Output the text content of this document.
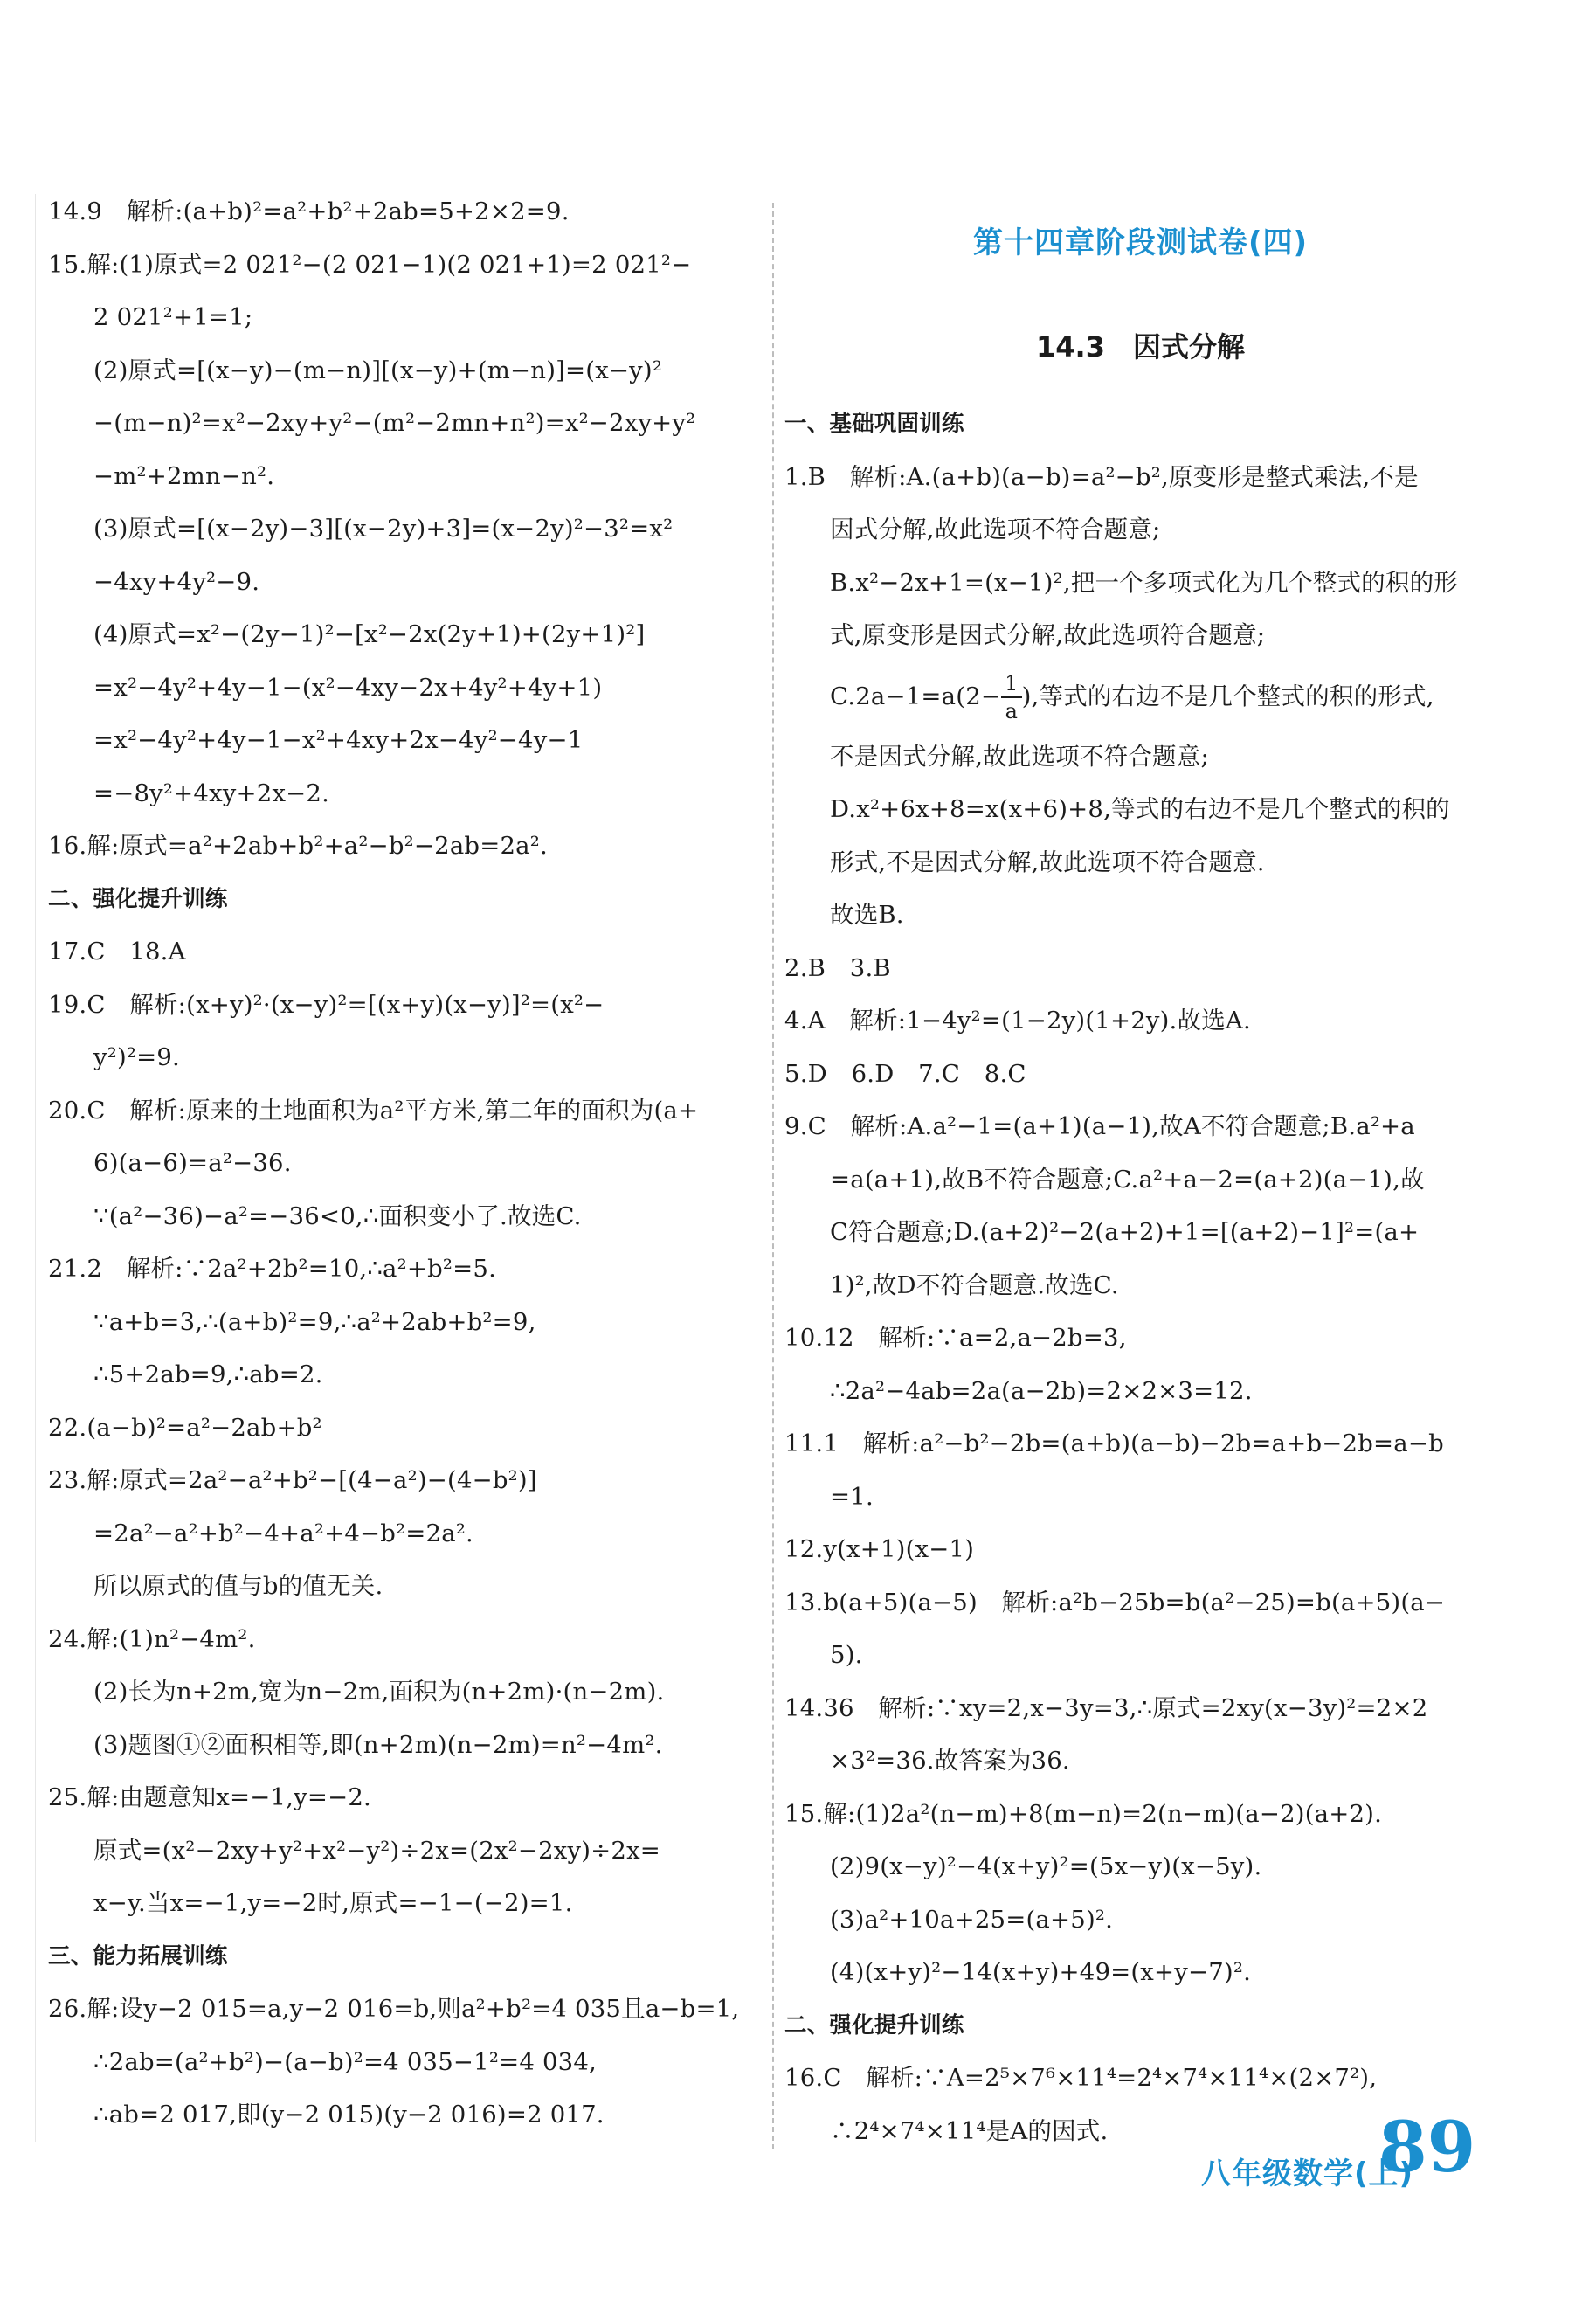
第十四章阶段测试卷(四)
14.3　因式分解
14.9　解析:(a+b)²=a²+b²+2ab=5+2×2=9.
15.解:(1)原式=2 021²−(2 021−1)(2 021+1)=2 021²−
2 021²+1=1;
(2)原式=[(x−y)−(m−n)][(x−y)+(m−n)]=(x−y)²
−(m−n)²=x²−2xy+y²−(m²−2mn+n²)=x²−2xy+y²
−m²+2mn−n².
(3)原式=[(x−2y)−3][(x−2y)+3]=(x−2y)²−3²=x²
−4xy+4y²−9.
(4)原式=x²−(2y−1)²−[x²−2x(2y+1)+(2y+1)²]
=x²−4y²+4y−1−(x²−4xy−2x+4y²+4y+1)
=x²−4y²+4y−1−x²+4xy+2x−4y²−4y−1
=−8y²+4xy+2x−2.
16.解:原式=a²+2ab+b²+a²−b²−2ab=2a².
二、强化提升训练
17.C　18.A
19.C　解析:(x+y)²·(x−y)²=[(x+y)(x−y)]²=(x²−
y²)²=9.
20.C　解析:原来的土地面积为a²平方米,第二年的面积为(a+
6)(a−6)=a²−36.
∵(a²−36)−a²=−36<0,∴面积变小了.故选C.
21.2　解析:∵2a²+2b²=10,∴a²+b²=5.
∵a+b=3,∴(a+b)²=9,∴a²+2ab+b²=9,
∴5+2ab=9,∴ab=2.
22.(a−b)²=a²−2ab+b²
23.解:原式=2a²−a²+b²−[(4−a²)−(4−b²)]
=2a²−a²+b²−4+a²+4−b²=2a².
所以原式的值与b的值无关.
24.解:(1)n²−4m².
(2)长为n+2m,宽为n−2m,面积为(n+2m)·(n−2m).
(3)题图①②面积相等,即(n+2m)(n−2m)=n²−4m².
25.解:由题意知x=−1,y=−2.
原式=(x²−2xy+y²+x²−y²)÷2x=(2x²−2xy)÷2x=
x−y.当x=−1,y=−2时,原式=−1−(−2)=1.
三、能力拓展训练
26.解:设y−2 015=a,y−2 016=b,则a²+b²=4 035且a−b=1,
∴2ab=(a²+b²)−(a−b)²=4 035−1²=4 034,
∴ab=2 017,即(y−2 015)(y−2 016)=2 017.
一、基础巩固训练
1.B　解析:A.(a+b)(a−b)=a²−b²,原变形是整式乘法,不是
因式分解,故此选项不符合题意;
B.x²−2x+1=(x−1)²,把一个多项式化为几个整式的积的形
式,原变形是因式分解,故此选项符合题意;
$C.2a-1=a(2- \frac{1}{a}$ ),等式的右边不是几个整式的积的形式,
不是因式分解,故此选项不符合题意;
D.x²+6x+8=x(x+6)+8,等式的右边不是几个整式的积的
形式,不是因式分解,故此选项不符合题意.
故选B.
2.B　3.B
4.A　解析:1−4y²=(1−2y)(1+2y).故选A.
5.D　6.D　7.C　8.C
9.C　解析:A.a²−1=(a+1)(a−1),故A不符合题意;B.a²+a
=a(a+1),故B不符合题意;C.a²+a−2=(a+2)(a−1),故
C符合题意;D.(a+2)²−2(a+2)+1=[(a+2)−1]²=(a+
1)²,故D不符合题意.故选C.
10.12　解析:∵a=2,a−2b=3,
∴2a²−4ab=2a(a−2b)=2×2×3=12.
11.1　解析:a²−b²−2b=(a+b)(a−b)−2b=a+b−2b=a−b
=1.
12.y(x+1)(x−1)
13.b(a+5)(a−5)　解析:a²b−25b=b(a²−25)=b(a+5)(a−
5).
14.36　解析:∵xy=2,x−3y=3,∴原式=2xy(x−3y)²=2×2
×3²=36.故答案为36.
15.解:(1)2a²(n−m)+8(m−n)=2(n−m)(a−2)(a+2).
(2)9(x−y)²−4(x+y)²=(5x−y)(x−5y).
(3)a²+10a+25=(a+5)².
(4)(x+y)²−14(x+y)+49=(x+y−7)².
二、强化提升训练
16.C　解析:∵A=2⁵×7⁶×11⁴=2⁴×7⁴×11⁴×(2×7²),
∴2⁴×7⁴×11⁴是A的因式.
八年级数学(上)
89
